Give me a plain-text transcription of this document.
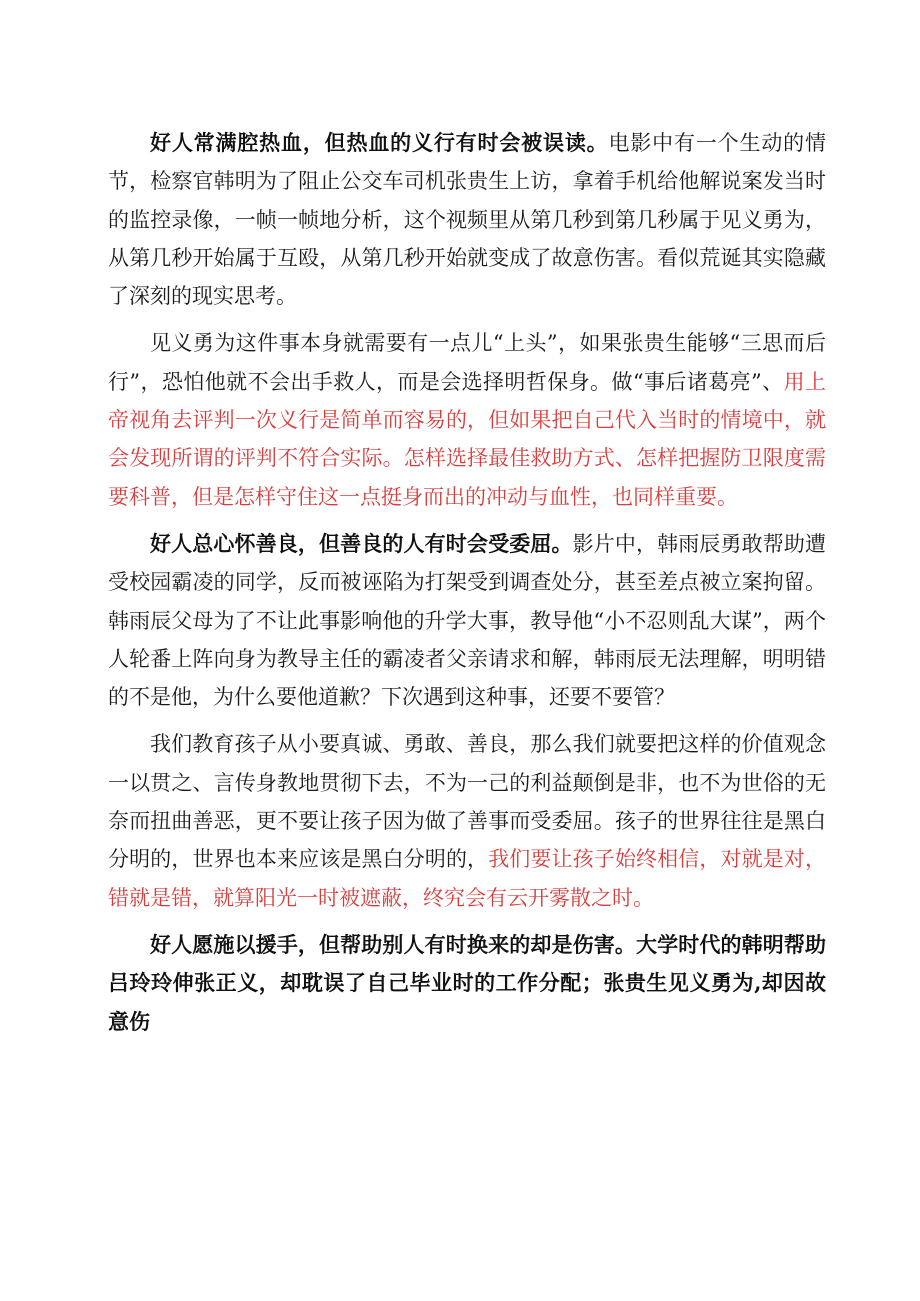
好人常满腔热血，但热血的义行有时会被误读。电影中有一个生动的情节，检察官韩明为了阻止公交车司机张贵生上访，拿着手机给他解说案发当时的监控录像，一帧一帧地分析，这个视频里从第几秒到第几秒属于见义勇为，从第几秒开始属于互殴，从第几秒开始就变成了故意伤害。看似荒诞其实隐藏了深刻的现实思考。

见义勇为这件事本身就需要有一点儿“上头”，如果张贵生能够“三思而后行”，恐怕他就不会出手救人，而是会选择明哲保身。做“事后诸葛亮”、用上帝视角去评判一次义行是简单而容易的，但如果把自己代入当时的情境中，就会发现所谓的评判不符合实际。怎样选择最佳救助方式、怎样把握防卫限度需要科普，但是怎样守住这一点挺身而出的冲动与血性，也同样重要。

好人总心怀善良，但善良的人有时会受委屈。影片中，韩雨辰勇敢帮助遭受校园霸凌的同学，反而被诬陷为打架受到调查处分，甚至差点被立案拘留。韩雨辰父母为了不让此事影响他的升学大事，教导他“小不忍则乱大谋”，两个人轮番上阵向身为教导主任的霸凌者父亲请求和解，韩雨辰无法理解，明明错的不是他，为什么要他道歉？下次遇到这种事，还要不要管？

我们教育孩子从小要真诚、勇敢、善良，那么我们就要把这样的价值观念一以贯之、言传身教地贯彻下去，不为一己的利益颠倒是非，也不为世俗的无奈而扭曲善恶，更不要让孩子因为做了善事而受委屈。孩子的世界往往是黑白分明的，世界也本来应该是黑白分明的，我们要让孩子始终相信，对就是对，错就是错，就算阳光一时被遮蔽，终究会有云开雾散之时。

好人愿施以援手，但帮助别人有时换来的却是伤害。大学时代的韩明帮助吕玲玲伸张正义，却耽误了自己毕业时的工作分配；张贵生见义勇为,却因故意伤
